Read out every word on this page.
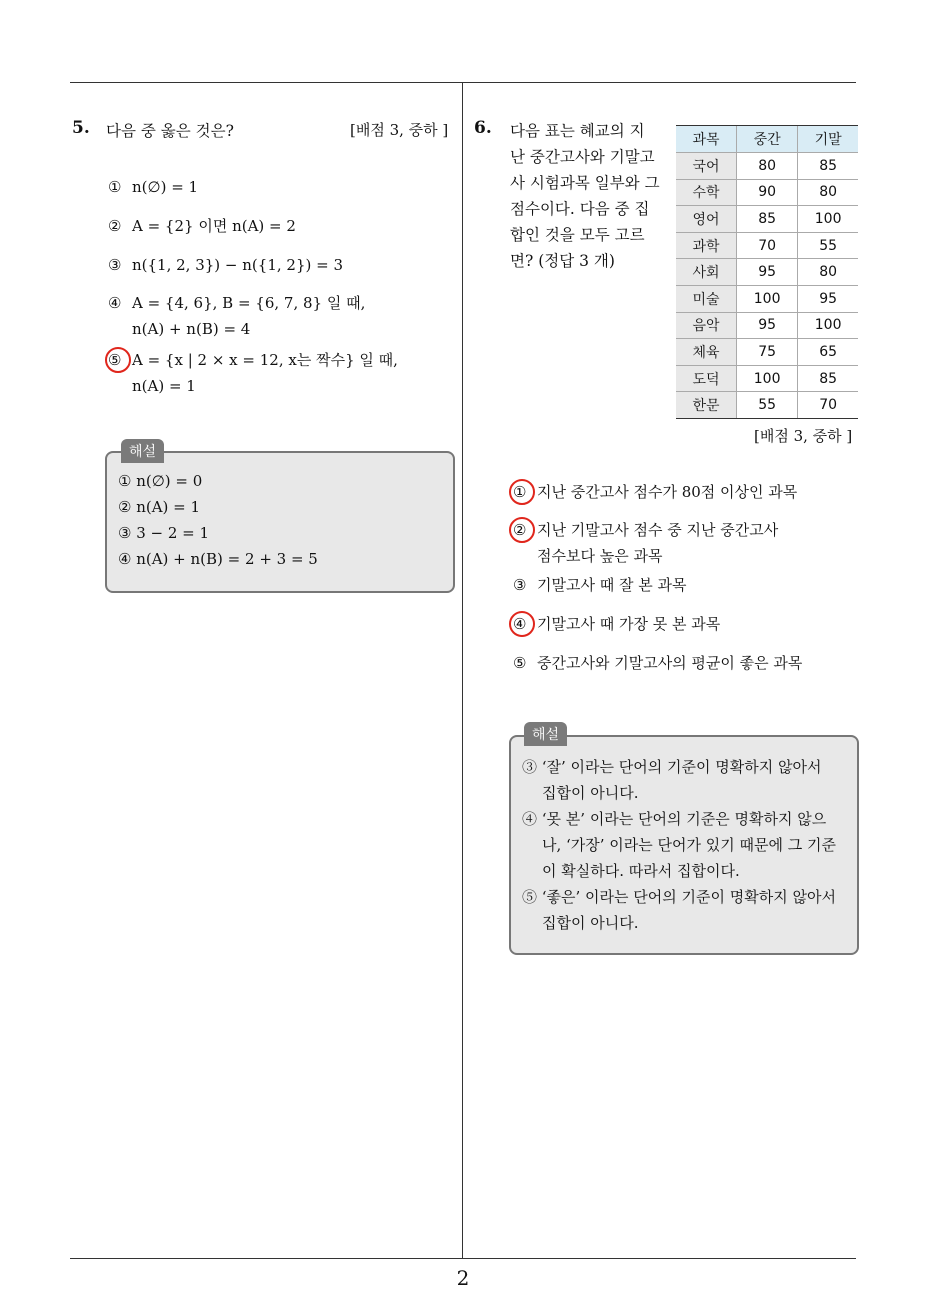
5. 다음 중 옳은 것은?	[배점 3, 중하 ]
① n(∅) = 1
② A = {2} 이면 n(A) = 2
③ n({1, 2, 3}) − n({1, 2}) = 3
④ A = {4, 6}, B = {6, 7, 8} 일 때,
n(A) + n(B) = 4
⑤ A = {x | 2 × x = 12, x는 짝수} 일 때,
n(A) = 1
해설
① n(∅) = 0
② n(A) = 1
③ 3 − 2 = 1
④ n(A) + n(B) = 2 + 3 = 5
6. 다음 표는 혜교의 지
난 중간고사와 기말고
사 시험과목 일부와 그
점수이다. 다음 중 집
합인 것을 모두 고르
면? (정답 3 개)
과목	중간	기말
국어	80	85
수학	90	80
영어	85	100
과학	70	55
사회	95	80
미술	100	95
음악	95	100
체육	75	65
도덕	100	85
한문	55	70
[배점 3, 중하 ]
① 지난 중간고사 점수가 80점 이상인 과목
② 지난 기말고사 점수 중 지난 중간고사
점수보다 높은 과목
③ 기말고사 때 잘 본 과목
④ 기말고사 때 가장 못 본 과목
⑤ 중간고사와 기말고사의 평균이 좋은 과목
해설
③ ‘잘’ 이라는 단어의 기준이 명확하지 않아서
집합이 아니다.
④ ‘못 본’ 이라는 단어의 기준은 명확하지 않으
나, ‘가장’ 이라는 단어가 있기 때문에 그 기준
이 확실하다. 따라서 집합이다.
⑤ ‘좋은’ 이라는 단어의 기준이 명확하지 않아서
집합이 아니다.
2
